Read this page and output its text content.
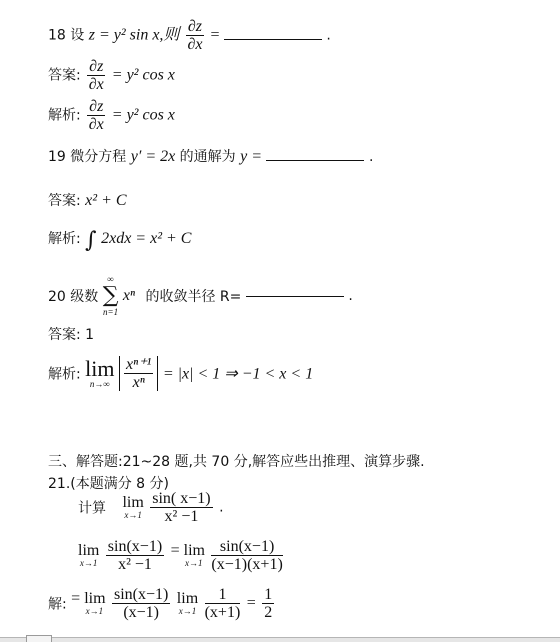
18 设 z = y² sin x,则 $\frac{\partial z}{\partial x}$ =	.
答案: $\frac{\partial z}{\partial x} = y^2$ cos x
解析: $\frac{\partial z}{\partial x} = y^2$ cos x
19 微分方程 y′ = 2x 的通解为 y =	.
答案: x² + C
解析: ∫ 2xdx = x² + C
20 级数
∞
∑
n=1
xⁿ 的收敛半径 R=	.
答案: 1
解析: lim
n→∞
$\frac{\text{xⁿ⁺¹}}{\text{xⁿ}} = |x| < 1$ ⇒ −1 < x < 1
三、解答题:21~28 题,共 70 分,解答应些出推理、演算步骤.
21.(本题满分 8 分)
计算 lim
x→1
$\frac{\sin( x-1)}{\text{x² −1}}$ .
lim
x→1
$\frac{\sin(x-1)}{\text{x² −1}} = \lim$
x→1
$\frac{\sin(x-1)}{(x-1)(x+1)}$
解: = lim
x→1
$\frac{\sin(x-1)}{(x-1)}$ lim
x→1
$\frac{1}{(x+1)} = \frac{1}{2}$
